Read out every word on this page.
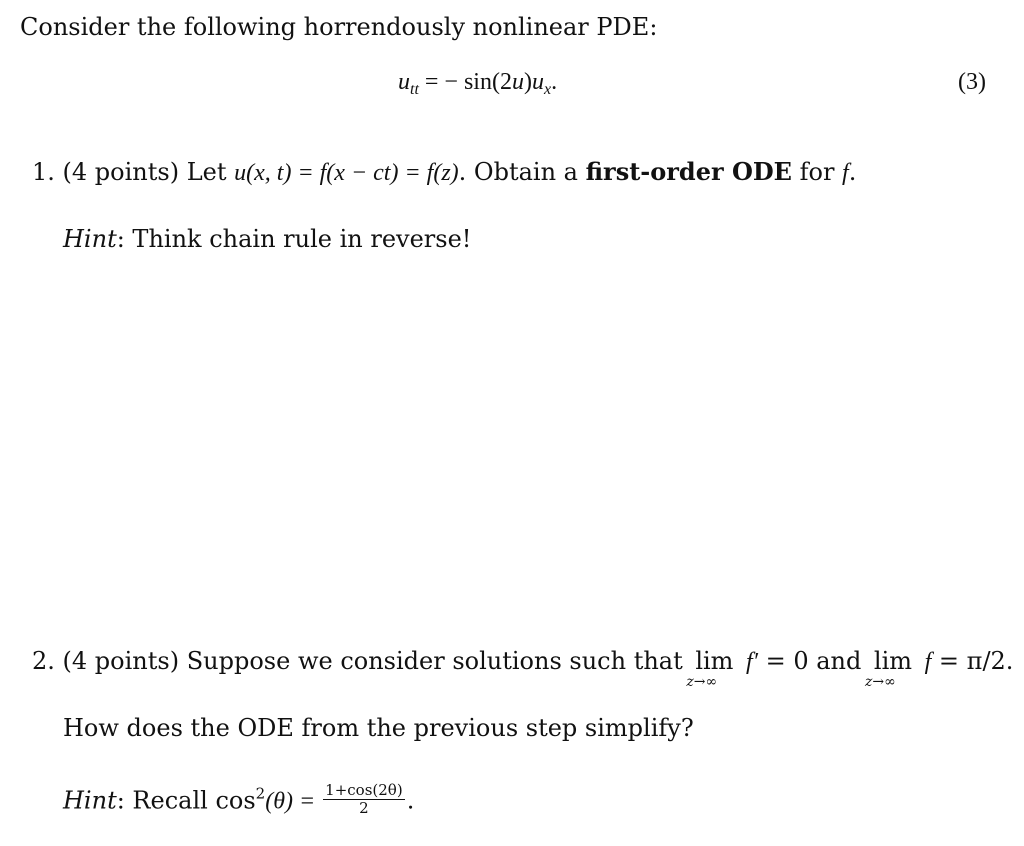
Consider the following horrendously nonlinear PDE:
$u_{tt}$ = − $\sin(2u)u_x$.	(3)
1. (4 points) Let u(x, t) = f(x − ct) = f(z). Obtain a first-order ODE for f.
Hint: Think chain rule in reverse!
2. (4 points) Suppose we consider solutions such that lim
z→∞
f′ = 0 and lim
z→∞
f = π/2.
How does the ODE from the previous step simplify?
Hint: Recall $\cos^2(\theta) = \frac{1+\cos(2\theta)}{2}$ .
